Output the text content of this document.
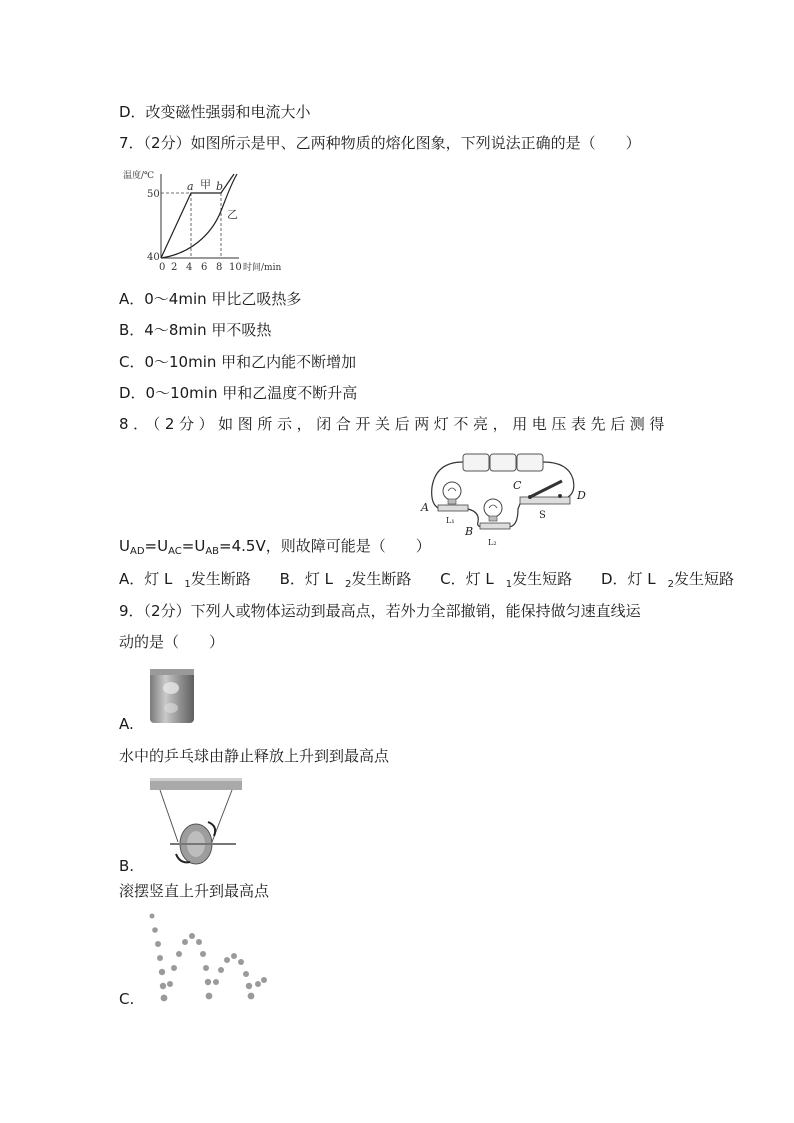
D．改变磁性强弱和电流大小
7．（2分）如图所示是甲、乙两种物质的熔化图象，下列说法正确的是（　　）
温度/℃
50
40
0 2 4 6 8 10 时间/min
a 甲 b
乙
A．0～4min 甲比乙吸热多
B．4～8min 甲不吸热
C．0～10min 甲和乙内能不断增加
D．0～10min 甲和乙温度不断升高
8．（2分）如图所示，闭合开关后两灯不亮，用电压表先后测得
A
B
C
D
S
L₁
L₂
$U_{AD}=U_{AC}=U_{AB}=4.5V$，则故障可能是（　　）
A．灯 L $_1$发生断路 B．灯 L $_2$发生断路 C．灯 L $_1$发生短路 D．灯 L $_2$发生短路
9．（2分）下列人或物体运动到最高点，若外力全部撤销，能保持做匀速直线运
动的是（　　）
A.
水中的乒乓球由静止释放上升到到最高点
B.
滚摆竖直上升到最高点
C.
